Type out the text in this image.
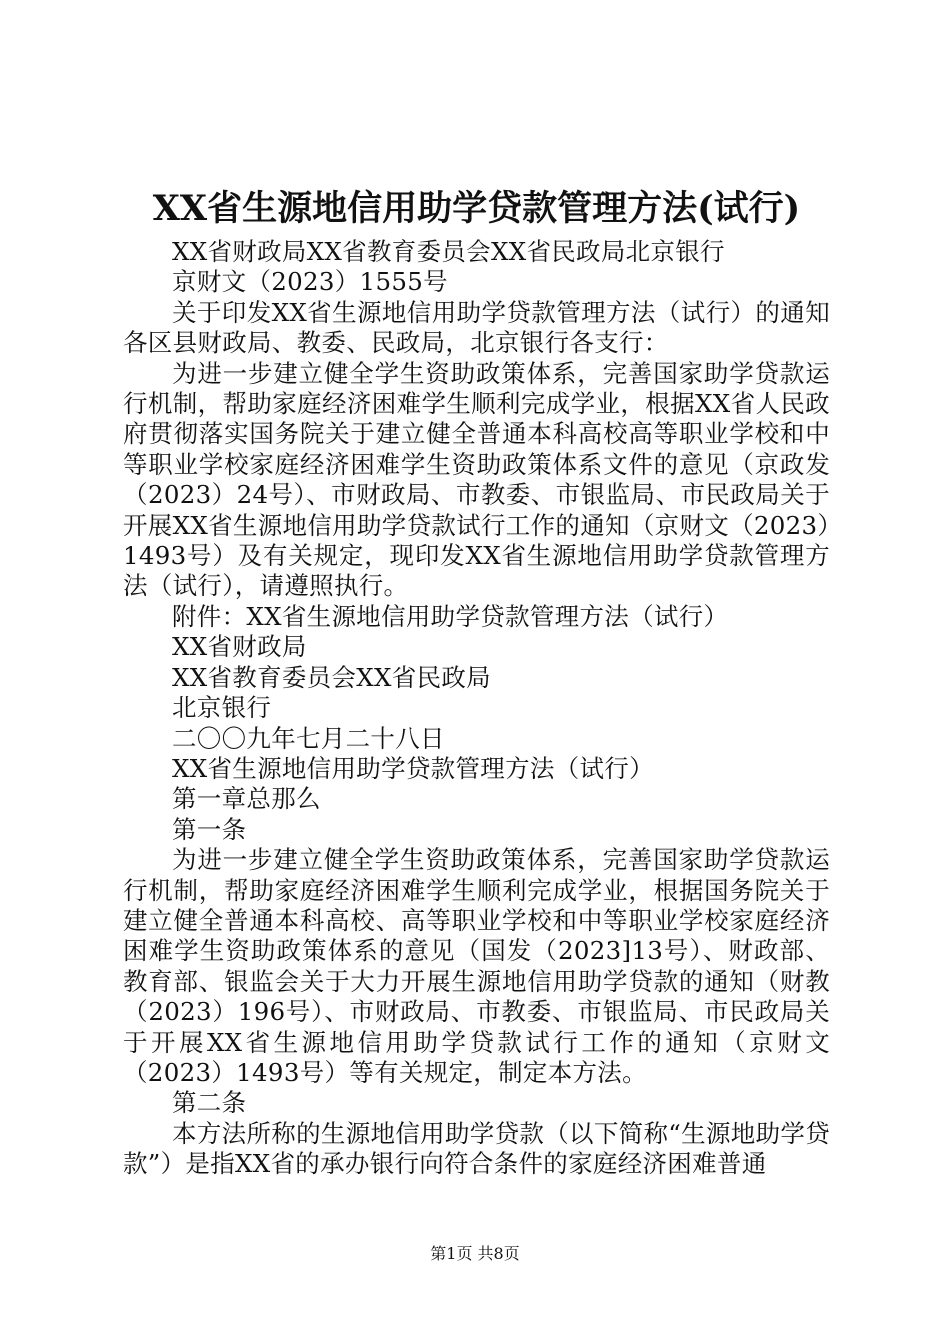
XX省生源地信用助学贷款管理方法(试行)

XX省财政局XX省教育委员会XX省民政局北京银行

京财文（2023）1555号

关于印发XX省生源地信用助学贷款管理方法（试行）的通知各区县财政局、教委、民政局，北京银行各支行：

为进一步建立健全学生资助政策体系，完善国家助学贷款运行机制，帮助家庭经济困难学生顺利完成学业，根据XX省人民政府贯彻落实国务院关于建立健全普通本科高校高等职业学校和中等职业学校家庭经济困难学生资助政策体系文件的意见（京政发（2023）24号）、市财政局、市教委、市银监局、市民政局关于开展XX省生源地信用助学贷款试行工作的通知（京财文（2023）1493号）及有关规定，现印发XX省生源地信用助学贷款管理方法（试行），请遵照执行。

附件：XX省生源地信用助学贷款管理方法（试行）

XX省财政局

XX省教育委员会XX省民政局

北京银行

二〇〇九年七月二十八日

XX省生源地信用助学贷款管理方法（试行）

第一章总那么

第一条

为进一步建立健全学生资助政策体系，完善国家助学贷款运行机制，帮助家庭经济困难学生顺利完成学业，根据国务院关于建立健全普通本科高校、高等职业学校和中等职业学校家庭经济困难学生资助政策体系的意见（国发（2023]13号）、财政部、教育部、银监会关于大力开展生源地信用助学贷款的通知（财教（2023）196号）、市财政局、市教委、市银监局、市民政局关于开展XX省生源地信用助学贷款试行工作的通知（京财文（2023）1493号）等有关规定，制定本方法。

第二条

本方法所称的生源地信用助学贷款（以下简称“生源地助学贷款”）是指XX省的承办银行向符合条件的家庭经济困难普通

第1页 共8页
